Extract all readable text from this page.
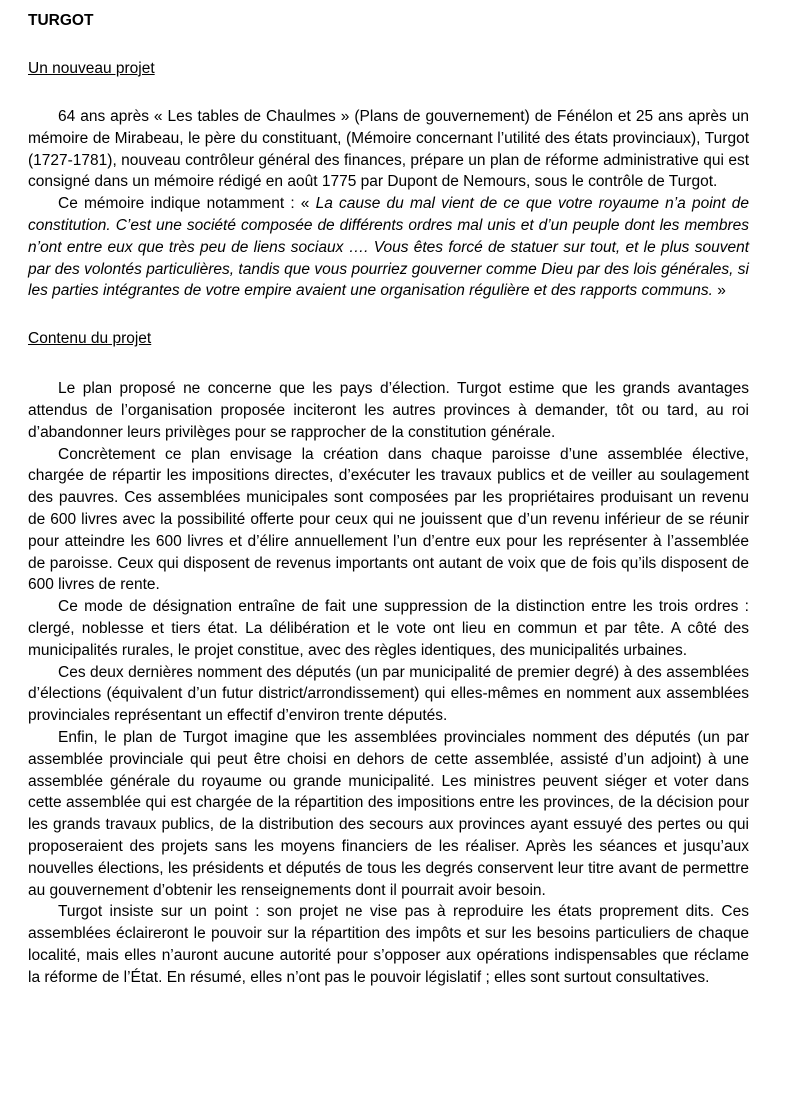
TURGOT

Un nouveau projet

64 ans après « Les tables de Chaulmes » (Plans de gouvernement) de Fénélon et 25 ans après un mémoire de Mirabeau, le père du constituant, (Mémoire concernant l’utilité des états provinciaux), Turgot (1727-1781), nouveau contrôleur général des finances, prépare un plan de réforme administrative qui est consigné dans un mémoire rédigé en août 1775 par Dupont de Nemours, sous le contrôle de Turgot.

Ce mémoire indique notamment : « La cause du mal vient de ce que votre royaume n’a point de constitution. C’est une société composée de différents ordres mal unis et d’un peuple dont les membres n’ont entre eux que très peu de liens sociaux …. Vous êtes forcé de statuer sur tout, et le plus souvent par des volontés particulières, tandis que vous pourriez gouverner comme Dieu par des lois générales, si les parties intégrantes de votre empire avaient une organisation régulière et des rapports communs. »

Contenu du projet

Le plan proposé ne concerne que les pays d’élection. Turgot estime que les grands avantages attendus de l’organisation proposée inciteront les autres provinces à demander, tôt ou tard, au roi d’abandonner leurs privilèges pour se rapprocher de la constitution générale.

Concrètement ce plan envisage la création dans chaque paroisse d’une assemblée élective, chargée de répartir les impositions directes, d’exécuter les travaux publics et de veiller au soulagement des pauvres. Ces assemblées municipales sont composées par les propriétaires produisant un revenu de 600 livres avec la possibilité offerte pour ceux qui ne jouissent que d’un revenu inférieur de se réunir pour atteindre les 600 livres et d’élire annuellement l’un d’entre eux pour les représenter à l’assemblée de paroisse. Ceux qui disposent de revenus importants ont autant de voix que de fois qu’ils disposent de 600 livres de rente.

Ce mode de désignation entraîne de fait une suppression de la distinction entre les trois ordres : clergé, noblesse et tiers état. La délibération et le vote ont lieu en commun et par tête. A côté des municipalités rurales, le projet constitue, avec des règles identiques, des municipalités urbaines.

Ces deux dernières nomment des députés (un par municipalité de premier degré) à des assemblées d’élections (équivalent d’un futur district/arrondissement) qui elles-mêmes en nomment aux assemblées provinciales représentant un effectif d’environ trente députés.

Enfin, le plan de Turgot imagine que les assemblées provinciales nomment des députés (un par assemblée provinciale qui peut être choisi en dehors de cette assemblée, assisté d’un adjoint) à une assemblée générale du royaume ou grande municipalité. Les ministres peuvent siéger et voter dans cette assemblée qui est chargée de la répartition des impositions entre les provinces, de la décision pour les grands travaux publics, de la distribution des secours aux provinces ayant essuyé des pertes ou qui proposeraient des projets sans les moyens financiers de les réaliser. Après les séances et jusqu’aux nouvelles élections, les présidents et députés de tous les degrés conservent leur titre avant de permettre au gouvernement d’obtenir les renseignements dont il pourrait avoir besoin.

Turgot insiste sur un point : son projet ne vise pas à reproduire les états proprement dits. Ces assemblées éclaireront le pouvoir sur la répartition des impôts et sur les besoins particuliers de chaque localité, mais elles n’auront aucune autorité pour s’opposer aux opérations indispensables que réclame la réforme de l’État. En résumé, elles n’ont pas le pouvoir législatif ; elles sont surtout consultatives.
